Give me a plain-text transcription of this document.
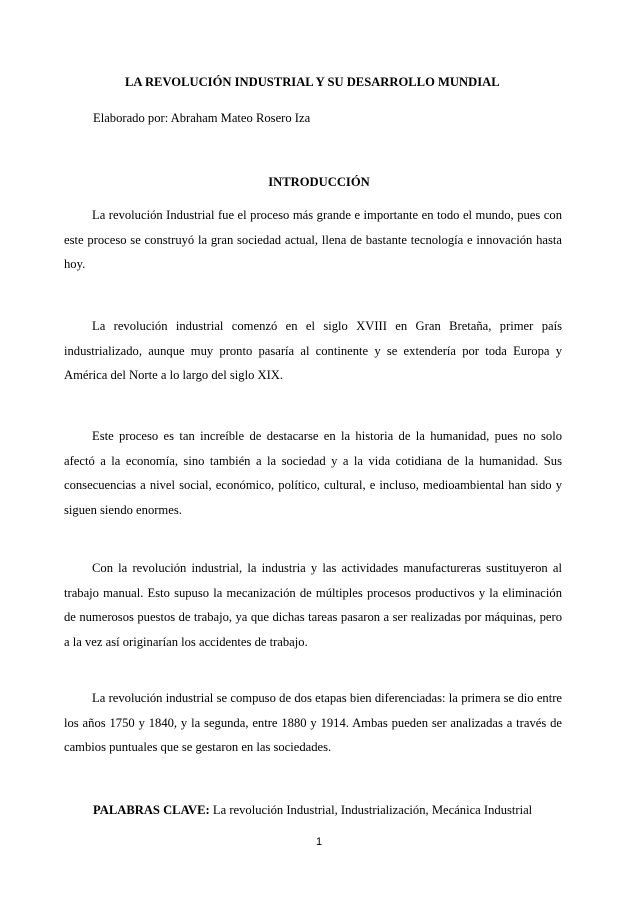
LA REVOLUCIÓN INDUSTRIAL Y SU DESARROLLO MUNDIAL
Elaborado por: Abraham Mateo Rosero Iza
INTRODUCCIÓN

La revolución Industrial fue el proceso más grande e importante en todo el mundo, pues con este proceso se construyó la gran sociedad actual, llena de bastante tecnología e innovación hasta hoy.

La revolución industrial comenzó en el siglo XVIII en Gran Bretaña, primer país industrializado, aunque muy pronto pasaría al continente y se extendería por toda Europa y América del Norte a lo largo del siglo XIX.

Este proceso es tan increíble de destacarse en la historia de la humanidad, pues no solo afectó a la economía, sino también a la sociedad y a la vida cotidiana de la humanidad. Sus consecuencias a nivel social, económico, político, cultural, e incluso, medioambiental han sido y siguen siendo enormes.

Con la revolución industrial, la industria y las actividades manufactureras sustituyeron al trabajo manual. Esto supuso la mecanización de múltiples procesos productivos y la eliminación de numerosos puestos de trabajo, ya que dichas tareas pasaron a ser realizadas por máquinas, pero a la vez así originarían los accidentes de trabajo.

La revolución industrial se compuso de dos etapas bien diferenciadas: la primera se dio entre los años 1750 y 1840, y la segunda, entre 1880 y 1914. Ambas pueden ser analizadas a través de cambios puntuales que se gestaron en las sociedades.

PALABRAS CLAVE: La revolución Industrial, Industrialización, Mecánica Industrial
1
